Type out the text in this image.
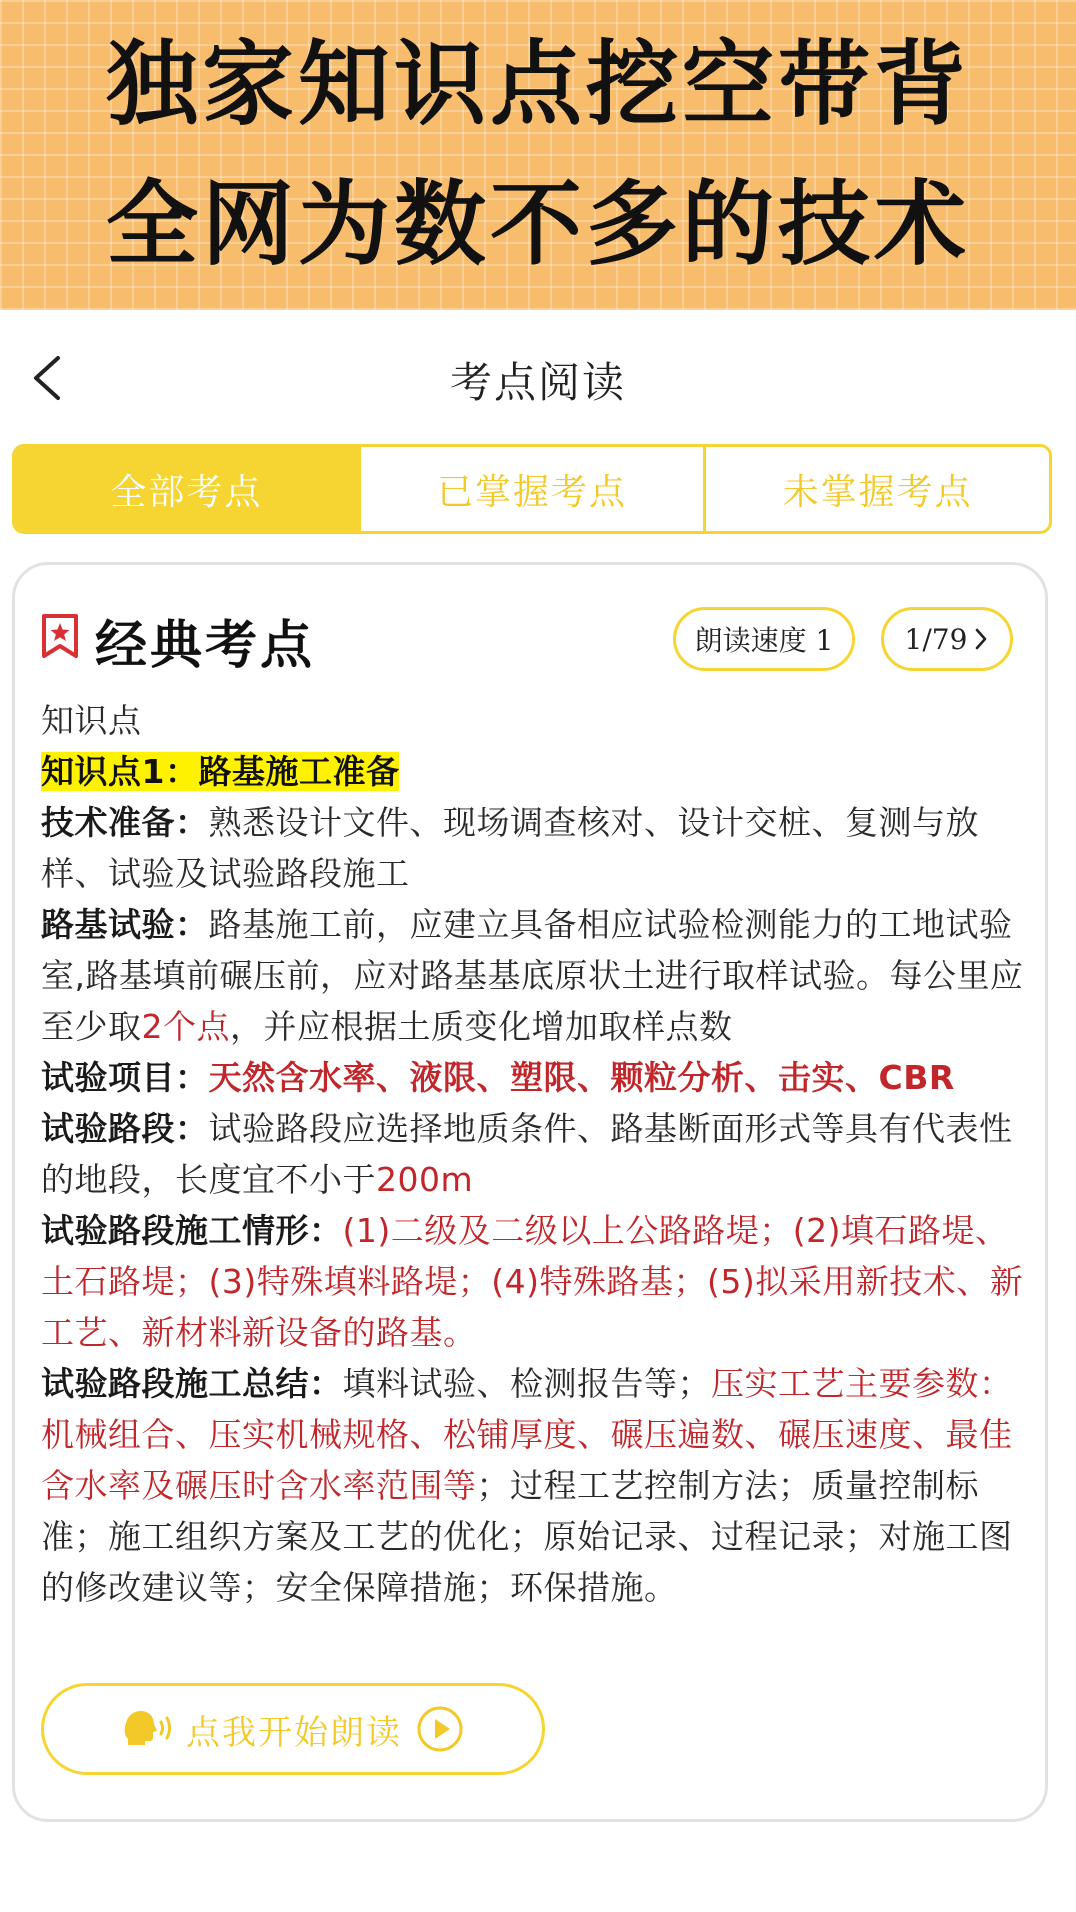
独家知识点挖空带背
全网为数不多的技术
考点阅读
全部考点	已掌握考点	未掌握考点
经典考点	朗读速度 1	1/79

知识点

知识点1：路基施工准备

技术准备：熟悉设计文件、现场调查核对、设计交桩、复测与放样、试验及试验路段施工

路基试验：路基施工前，应建立具备相应试验检测能力的工地试验室,路基填前碾压前，应对路基基底原状土进行取样试验。每公里应至少取2个点，并应根据土质变化增加取样点数

试验项目：天然含水率、液限、塑限、颗粒分析、击实、CBR

试验路段：试验路段应选择地质条件、路基断面形式等具有代表性的地段，长度宜不小于200m

试验路段施工情形：(1)二级及二级以上公路路堤；(2)填石路堤、土石路堤；(3)特殊填料路堤；(4)特殊路基；(5)拟采用新技术、新工艺、新材料新设备的路基。

试验路段施工总结：填料试验、检测报告等；压实工艺主要参数：机械组合、压实机械规格、松铺厚度、碾压遍数、碾压速度、最佳含水率及碾压时含水率范围等；过程工艺控制方法；质量控制标准；施工组织方案及工艺的优化；原始记录、过程记录；对施工图的修改建议等；安全保障措施；环保措施。

点我开始朗读
